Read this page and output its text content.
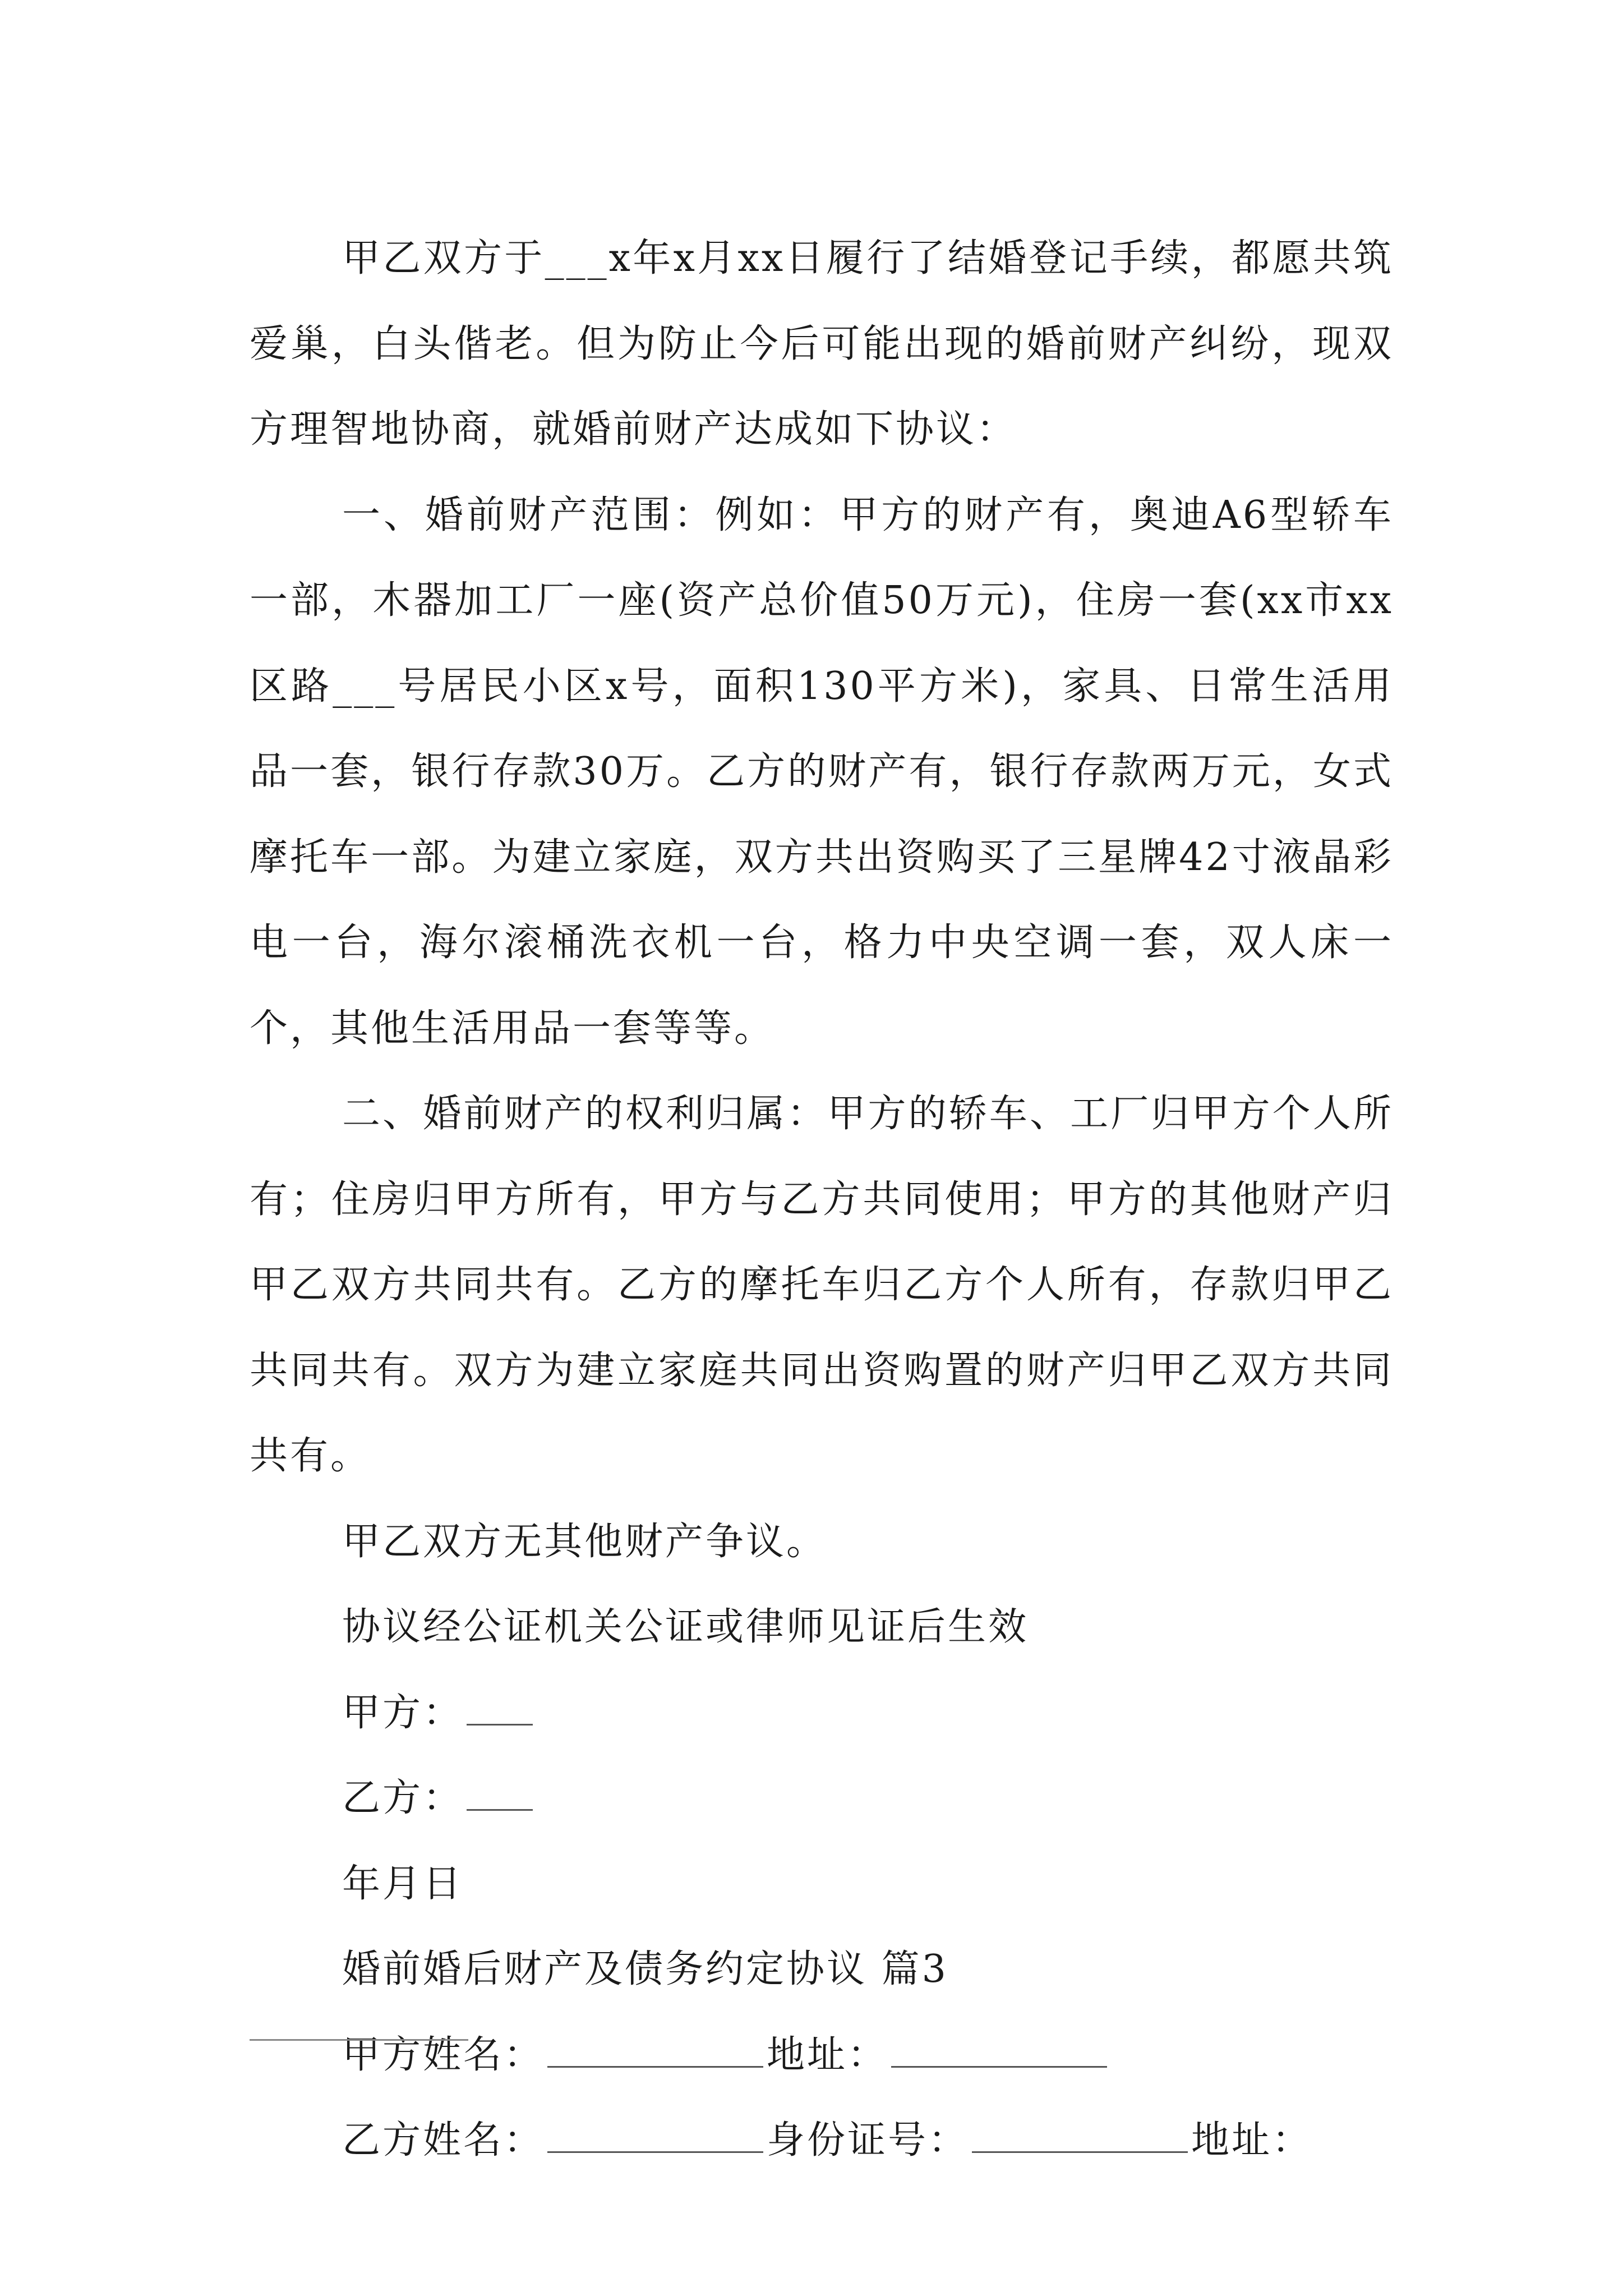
甲乙双方于___x年x月xx日履行了结婚登记手续，都愿共筑爱巢，白头偕老。但为防止今后可能出现的婚前财产纠纷，现双方理智地协商，就婚前财产达成如下协议：

一、婚前财产范围：例如：甲方的财产有，奥迪A6型轿车一部，木器加工厂一座(资产总价值50万元)，住房一套(xx市xx区路___号居民小区x号，面积130平方米)，家具、日常生活用品一套，银行存款30万。乙方的财产有，银行存款两万元，女式摩托车一部。为建立家庭，双方共出资购买了三星牌42寸液晶彩电一台，海尔滚桶洗衣机一台，格力中央空调一套，双人床一个，其他生活用品一套等等。

二、婚前财产的权利归属：甲方的轿车、工厂归甲方个人所有；住房归甲方所有，甲方与乙方共同使用；甲方的其他财产归甲乙双方共同共有。乙方的摩托车归乙方个人所有，存款归甲乙共同共有。双方为建立家庭共同出资购置的财产归甲乙双方共同共有。

甲乙双方无其他财产争议。

协议经公证机关公证或律师见证后生效

甲方：

乙方：

年月日

婚前婚后财产及债务约定协议 篇3

甲方姓名：	地址：

乙方姓名：	身份证号：	地址：
